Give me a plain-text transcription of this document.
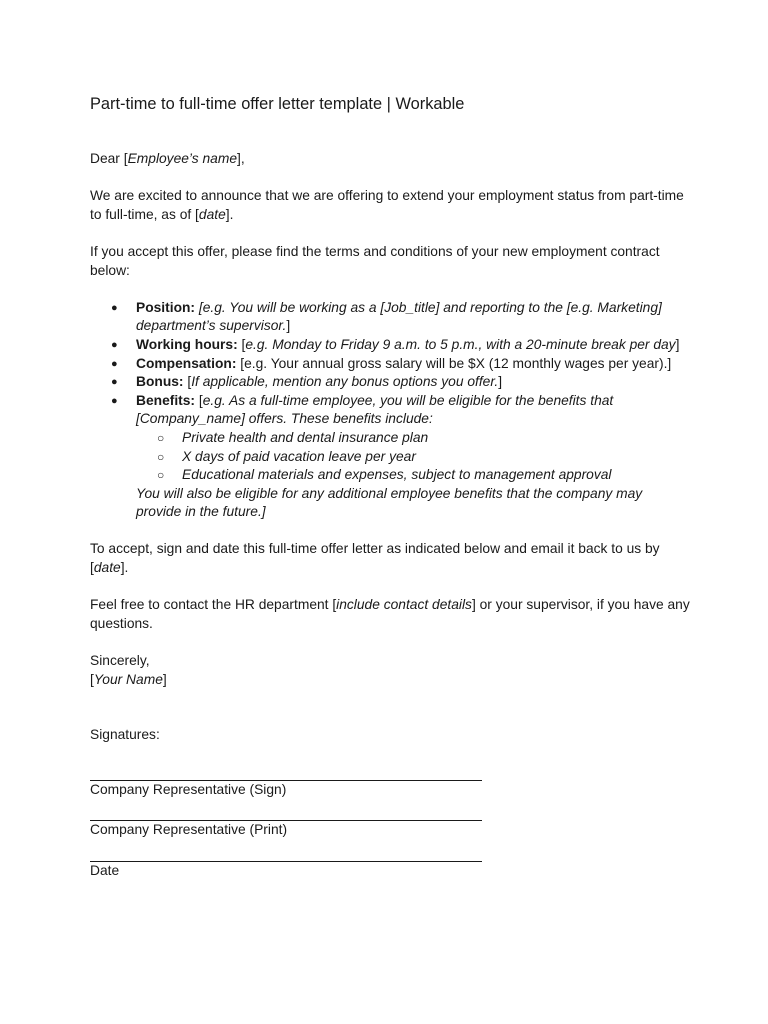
Part-time to full-time offer letter template | Workable

Dear [Employee’s name],

We are excited to announce that we are offering to extend your employment status from part-time to full-time, as of [date].

If you accept this offer, please find the terms and conditions of your new employment contract below:

● Position: [e.g. You will be working as a [Job_title] and reporting to the [e.g. Marketing] department’s supervisor.]
● Working hours: [e.g. Monday to Friday 9 a.m. to 5 p.m., with a 20-minute break per day]
● Compensation: [e.g. Your annual gross salary will be $X (12 monthly wages per year).]
● Bonus: [If applicable, mention any bonus options you offer.]
● Benefits: [e.g. As a full-time employee, you will be eligible for the benefits that [Company_name] offers. These benefits include:
○ Private health and dental insurance plan
○ X days of paid vacation leave per year
○ Educational materials and expenses, subject to management approval
You will also be eligible for any additional employee benefits that the company may provide in the future.]

To accept, sign and date this full-time offer letter as indicated below and email it back to us by [date].

Feel free to contact the HR department [include contact details] or your supervisor, if you have any questions.

Sincerely,
[Your Name]

Signatures:
Company Representative (Sign)
Company Representative (Print)
Date
